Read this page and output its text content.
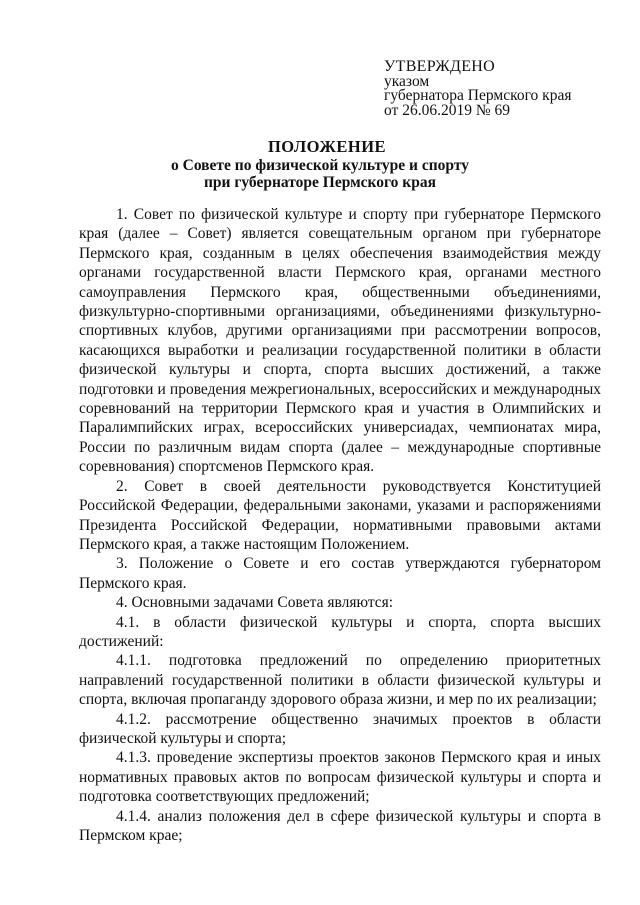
УТВЕРЖДЕНО
указом
губернатора Пермского края
от 26.06.2019 № 69
ПОЛОЖЕНИЕ
о Совете по физической культуре и спорту
при губернаторе Пермского края

1. Совет по физической культуре и спорту при губернаторе Пермского края (далее – Совет) является совещательным органом при губернаторе Пермского края, созданным в целях обеспечения взаимодействия между органами государственной власти Пермского края, органами местного самоуправления Пермского края, общественными объединениями, физкультурно-спортивными организациями, объединениями физкультурно-спортивных клубов, другими организациями при рассмотрении вопросов, касающихся выработки и реализации государственной политики в области физической культуры и спорта, спорта высших достижений, а также подготовки и проведения межрегиональных, всероссийских и международных соревнований на территории Пермского края и участия в Олимпийских и Паралимпийских играх, всероссийских универсиадах, чемпионатах мира, России по различным видам спорта (далее – международные спортивные соревнования) спортсменов Пермского края.

2. Совет в своей деятельности руководствуется Конституцией Российской Федерации, федеральными законами, указами и распоряжениями Президента Российской Федерации, нормативными правовыми актами Пермского края, а также настоящим Положением.

3. Положение о Совете и его состав утверждаются губернатором Пермского края.

4. Основными задачами Совета являются:

4.1. в области физической культуры и спорта, спорта высших достижений:

4.1.1. подготовка предложений по определению приоритетных направлений государственной политики в области физической культуры и спорта, включая пропаганду здорового образа жизни, и мер по их реализации;

4.1.2. рассмотрение общественно значимых проектов в области физической культуры и спорта;

4.1.3. проведение экспертизы проектов законов Пермского края и иных нормативных правовых актов по вопросам физической культуры и спорта и подготовка соответствующих предложений;

4.1.4. анализ положения дел в сфере физической культуры и спорта в Пермском крае;
